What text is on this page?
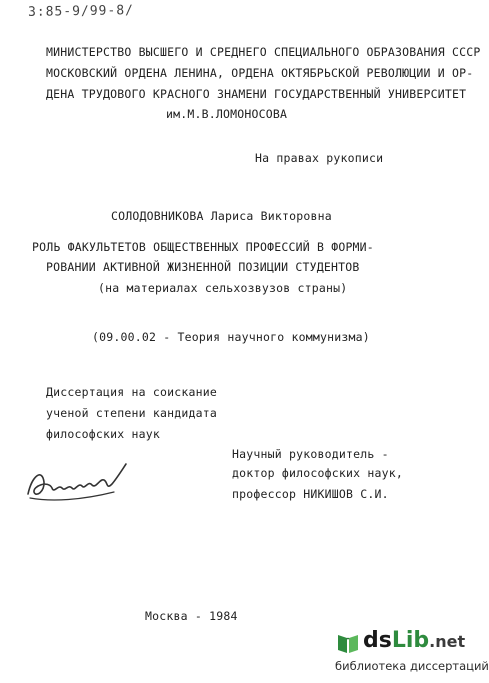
3:85-9/99-8/
МИНИСТЕРСТВО ВЫСШЕГО И СРЕДНЕГО СПЕЦИАЛЬНОГО ОБРАЗОВАНИЯ СССР
МОСКОВСКИЙ ОРДЕНА ЛЕНИНА, ОРДЕНА ОКТЯБРЬСКОЙ РЕВОЛЮЦИИ И ОР-
ДЕНА ТРУДОВОГО КРАСНОГО ЗНАМЕНИ ГОСУДАРСТВЕННЫЙ УНИВЕРСИТЕТ
им.М.В.ЛОМОНОСОВА
На правах рукописи
СОЛОДОВНИКОВА Лариса Викторовна
РОЛЬ ФАКУЛЬТЕТОВ ОБЩЕСТВЕННЫХ ПРОФЕССИЙ В ФОРМИ-
РОВАНИИ АКТИВНОЙ ЖИЗНЕННОЙ ПОЗИЦИИ СТУДЕНТОВ
(на материалах сельхозвузов страны)
(09.00.02 - Теория научного коммунизма)
Диссертация на соискание
ученой степени кандидата
философских наук
Научный руководитель -
доктор философских наук,
профессор НИКИШОВ С.И.
Москва - 1984
dsLib.net
библиотека диссертаций
